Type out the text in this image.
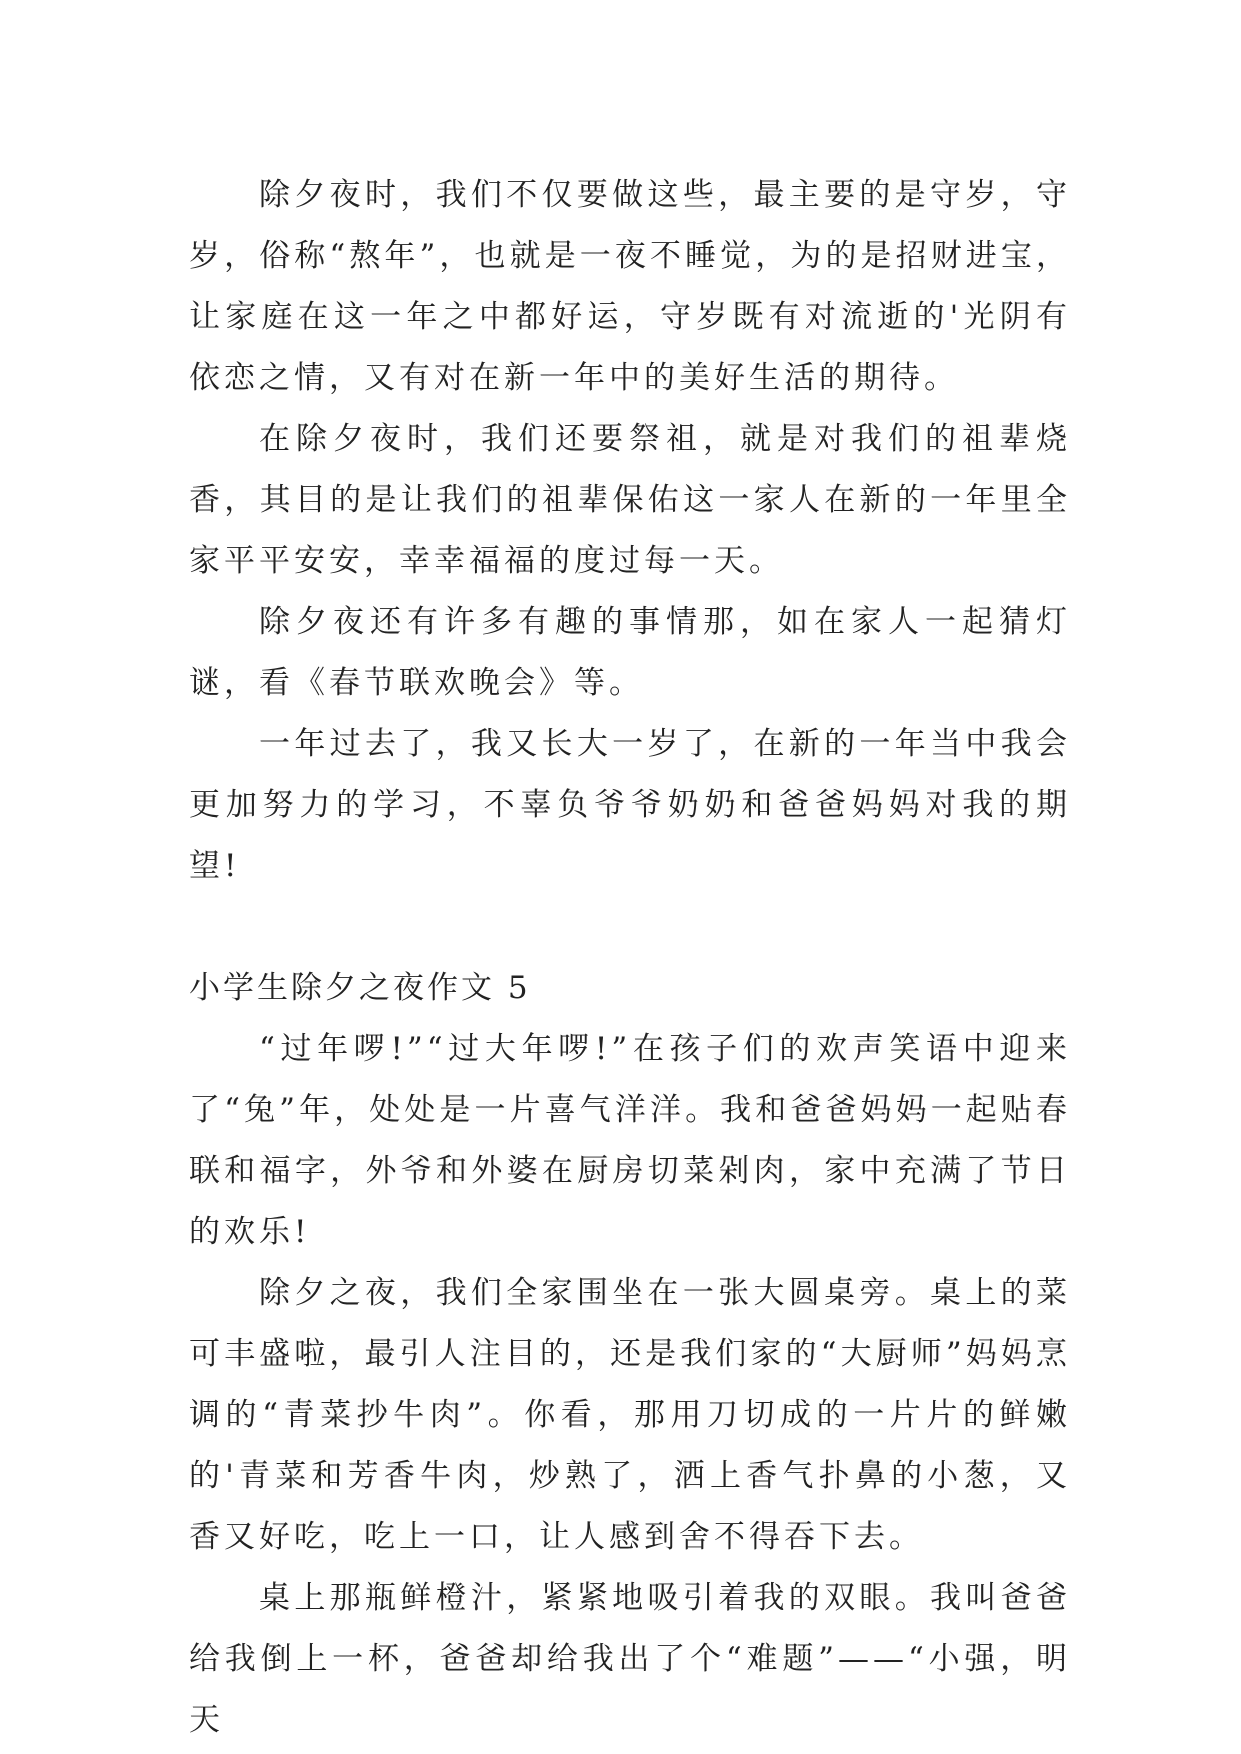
除夕夜时，我们不仅要做这些，最主要的是守岁，守岁，俗称“熬年”，也就是一夜不睡觉，为的是招财进宝，让家庭在这一年之中都好运，守岁既有对流逝的'光阴有依恋之情，又有对在新一年中的美好生活的期待。

在除夕夜时，我们还要祭祖，就是对我们的祖辈烧香，其目的是让我们的祖辈保佑这一家人在新的一年里全家平平安安，幸幸福福的度过每一天。

除夕夜还有许多有趣的事情那，如在家人一起猜灯谜，看《春节联欢晚会》等。

一年过去了，我又长大一岁了，在新的一年当中我会更加努力的学习，不辜负爷爷奶奶和爸爸妈妈对我的期望!

小学生除夕之夜作文 5

“过年啰!”“过大年啰!”在孩子们的欢声笑语中迎来了“兔”年，处处是一片喜气洋洋。我和爸爸妈妈一起贴春联和福字，外爷和外婆在厨房切菜剁肉，家中充满了节日的欢乐!

除夕之夜，我们全家围坐在一张大圆桌旁。桌上的菜可丰盛啦，最引人注目的，还是我们家的“大厨师”妈妈烹调的“青菜抄牛肉”。你看，那用刀切成的一片片的鲜嫩的'青菜和芳香牛肉，炒熟了，洒上香气扑鼻的小葱，又香又好吃，吃上一口，让人感到舍不得吞下去。

桌上那瓶鲜橙汁，紧紧地吸引着我的双眼。我叫爸爸给我倒上一杯，爸爸却给我出了个“难题”——“小强，明天
